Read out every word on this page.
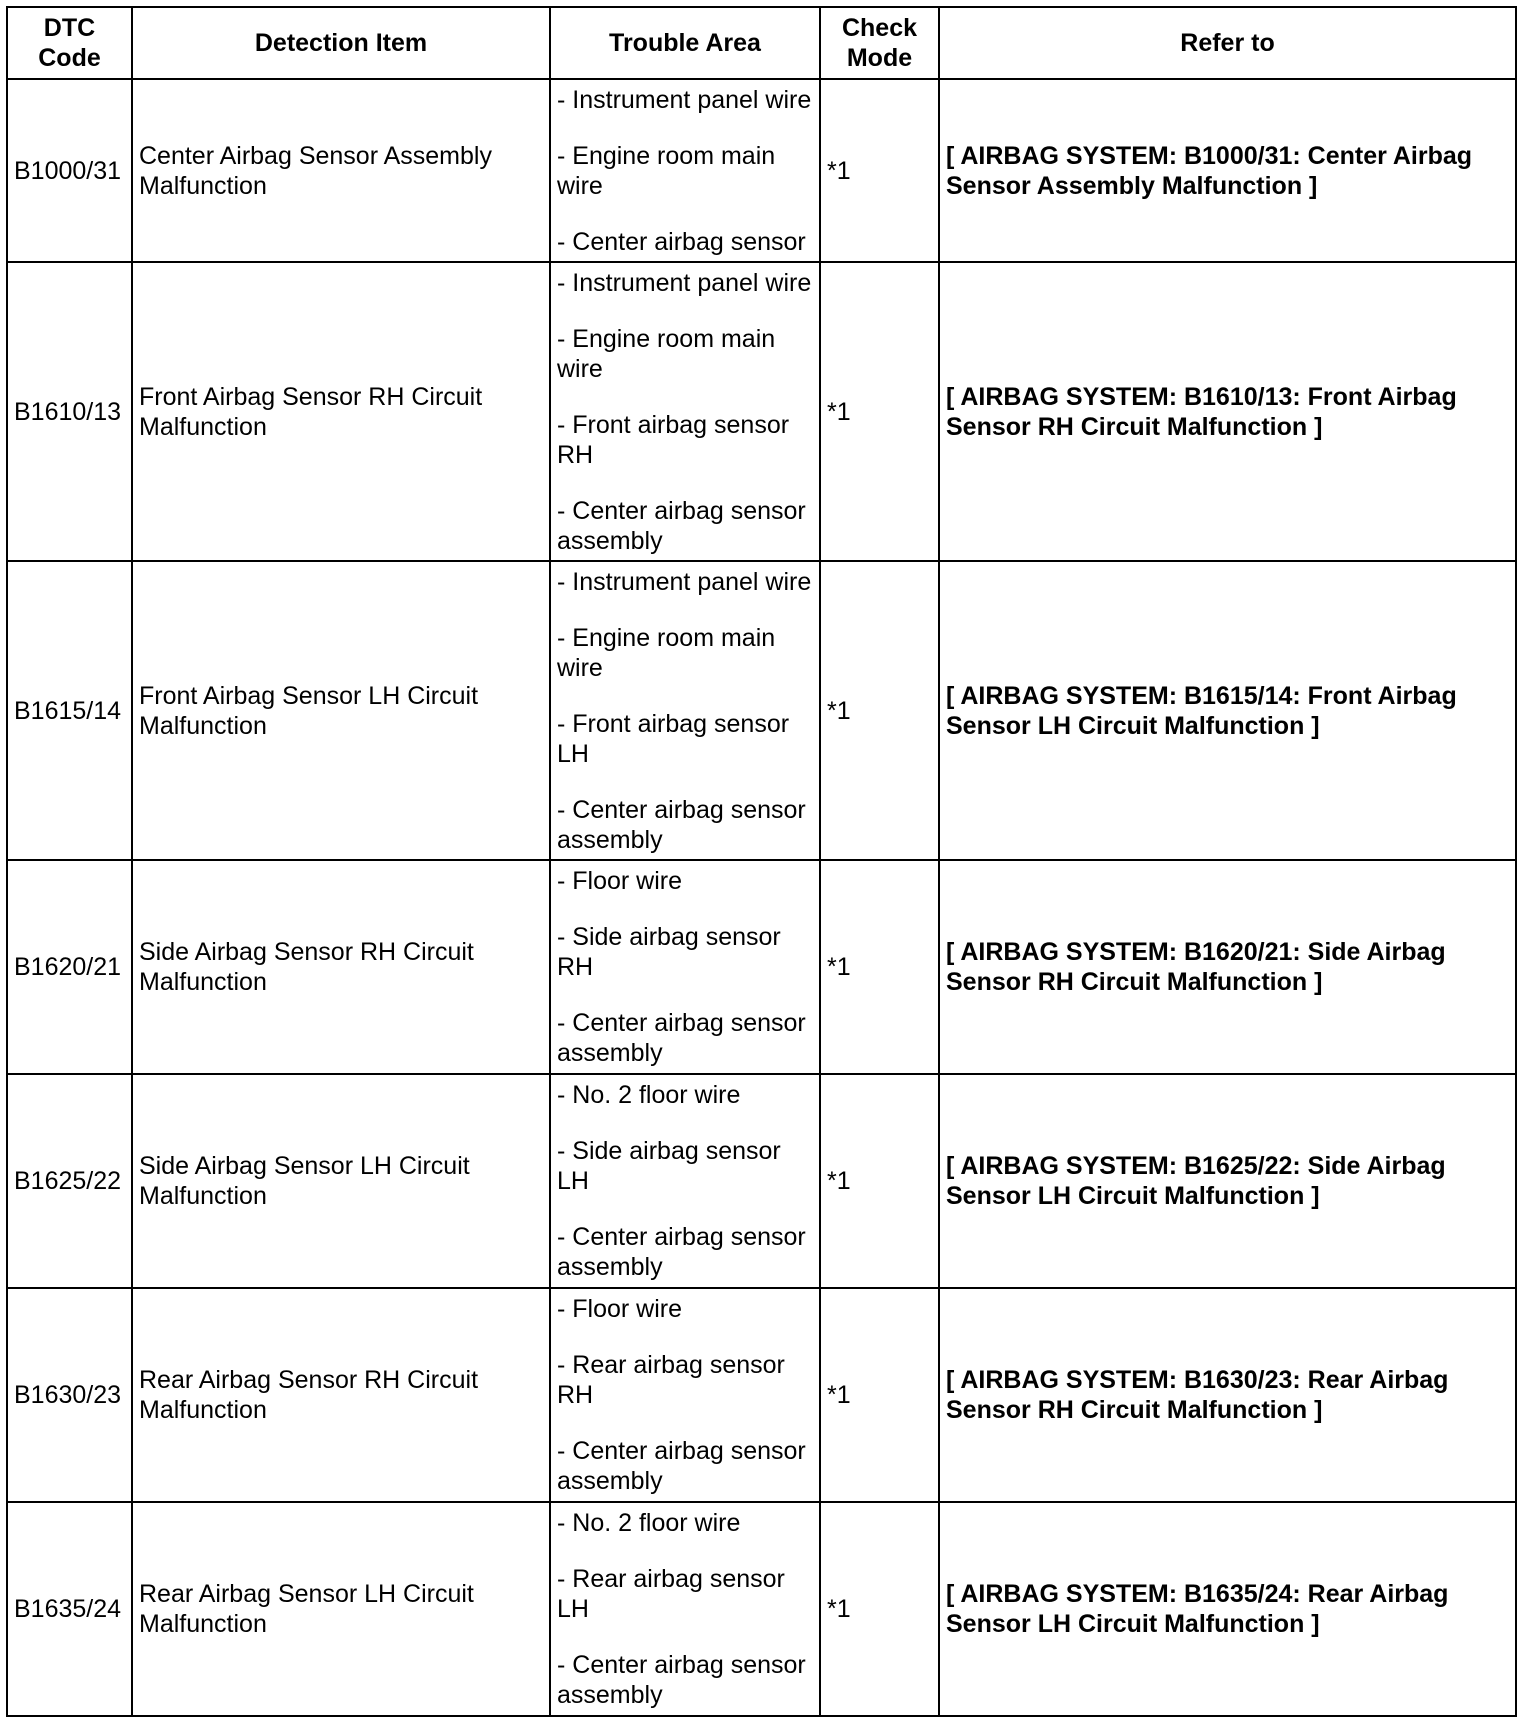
DTC Code	Detection Item	Trouble Area	Check Mode	Refer to
B1000/31	Center Airbag Sensor Assembly Malfunction	- Instrument panel wire
- Engine room main wire
- Center airbag sensor	*1	[ AIRBAG SYSTEM: B1000/31: Center Airbag Sensor Assembly Malfunction ]
B1610/13	Front Airbag Sensor RH Circuit Malfunction	- Instrument panel wire
- Engine room main wire
- Front airbag sensor RH
- Center airbag sensor assembly	*1	[ AIRBAG SYSTEM: B1610/13: Front Airbag Sensor RH Circuit Malfunction ]
B1615/14	Front Airbag Sensor LH Circuit Malfunction	- Instrument panel wire
- Engine room main wire
- Front airbag sensor LH
- Center airbag sensor assembly	*1	[ AIRBAG SYSTEM: B1615/14: Front Airbag Sensor LH Circuit Malfunction ]
B1620/21	Side Airbag Sensor RH Circuit Malfunction	- Floor wire
- Side airbag sensor RH
- Center airbag sensor assembly	*1	[ AIRBAG SYSTEM: B1620/21: Side Airbag Sensor RH Circuit Malfunction ]
B1625/22	Side Airbag Sensor LH Circuit Malfunction	- No. 2 floor wire
- Side airbag sensor LH
- Center airbag sensor assembly	*1	[ AIRBAG SYSTEM: B1625/22: Side Airbag Sensor LH Circuit Malfunction ]
B1630/23	Rear Airbag Sensor RH Circuit Malfunction	- Floor wire
- Rear airbag sensor RH
- Center airbag sensor assembly	*1	[ AIRBAG SYSTEM: B1630/23: Rear Airbag Sensor RH Circuit Malfunction ]
B1635/24	Rear Airbag Sensor LH Circuit Malfunction	- No. 2 floor wire
- Rear airbag sensor LH
- Center airbag sensor assembly	*1	[ AIRBAG SYSTEM: B1635/24: Rear Airbag Sensor LH Circuit Malfunction ]
